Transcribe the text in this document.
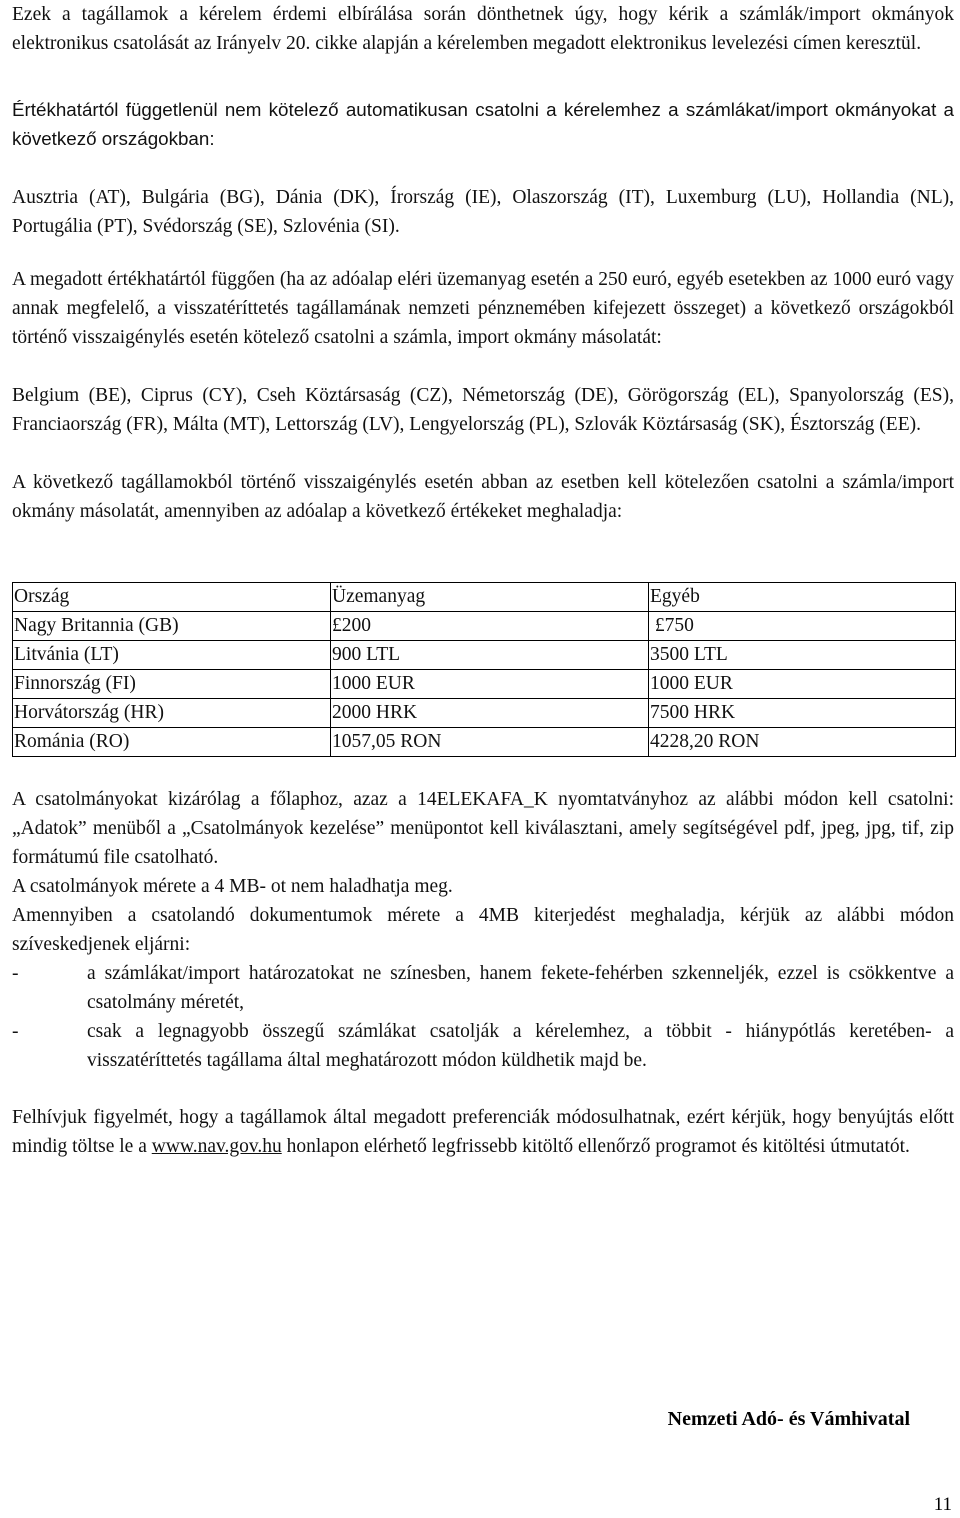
Ezek a tagállamok a kérelem érdemi elbírálása során dönthetnek úgy, hogy kérik a számlák/import okmányok elektronikus csatolását az Irányelv 20. cikke alapján a kérelemben megadott elektronikus levelezési címen keresztül.

Értékhatártól függetlenül nem kötelező automatikusan csatolni a kérelemhez a számlákat/import okmányokat a következő országokban:

Ausztria (AT), Bulgária (BG), Dánia (DK), Írország (IE), Olaszország (IT), Luxemburg (LU), Hollandia (NL), Portugália (PT), Svédország (SE), Szlovénia (SI).

A megadott értékhatártól függően (ha az adóalap eléri üzemanyag esetén a 250 euró, egyéb esetekben az 1000 euró vagy annak megfelelő, a visszatéríttetés tagállamának nemzeti pénznemében kifejezett összeget) a következő országokból történő visszaigénylés esetén kötelező csatolni a számla, import okmány másolatát:

Belgium (BE), Ciprus (CY), Cseh Köztársaság (CZ), Németország (DE), Görögország (EL), Spanyolország (ES), Franciaország (FR), Málta (MT), Lettország (LV), Lengyelország (PL), Szlovák Köztársaság (SK), Észtország (EE).

A következő tagállamokból történő visszaigénylés esetén abban az esetben kell kötelezően csatolni a számla/import okmány másolatát, amennyiben az adóalap a következő értékeket meghaladja:

Ország	Üzemanyag	Egyéb
Nagy Britannia (GB)	£200	£750
Litvánia (LT)	900 LTL	3500 LTL
Finnország (FI)	1000 EUR	1000 EUR
Horvátország (HR)	2000 HRK	7500 HRK
Románia (RO)	1057,05 RON	4228,20 RON

A csatolmányokat kizárólag a főlaphoz, azaz a 14ELEKAFA_K nyomtatványhoz az alábbi módon kell csatolni: „Adatok” menüből a „Csatolmányok kezelése” menüpontot kell kiválasztani, amely segítségével pdf, jpeg, jpg, tif, zip formátumú file csatolható.

A csatolmányok mérete a 4 MB- ot nem haladhatja meg.

Amennyiben a csatolandó dokumentumok mérete a 4MB kiterjedést meghaladja, kérjük az alábbi módon szíveskedjenek eljárni:

-	a számlákat/import határozatokat ne színesben, hanem fekete-fehérben szkenneljék, ezzel is csökkentve a csatolmány méretét,
-	csak a legnagyobb összegű számlákat csatolják a kérelemhez, a többit - hiánypótlás keretében- a visszatéríttetés tagállama által meghatározott módon küldhetik majd be.

Felhívjuk figyelmét, hogy a tagállamok által megadott preferenciák módosulhatnak, ezért kérjük, hogy benyújtás előtt mindig töltse le a www.nav.gov.hu honlapon elérhető legfrissebb kitöltő ellenőrző programot és kitöltési útmutatót.

Nemzeti Adó- és Vámhivatal
11
